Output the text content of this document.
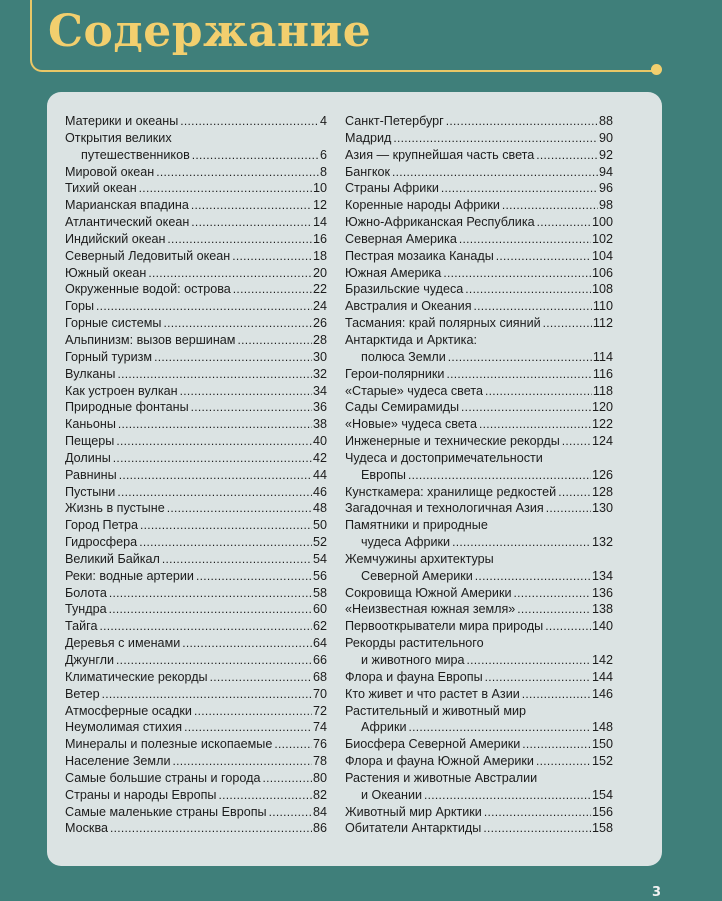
Содержание
Материки и океаны .....	4
Открытия великих
путешественников .....	6
Мировой океан .....	8
Тихий океан .....	10
Марианская впадина .....	12
Атлантический океан .....	14
Индийский океан .....	16
Северный Ледовитый океан .....	18
Южный океан .....	20
Окруженные водой: острова .....	22
Горы .....	24
Горные системы .....	26
Альпинизм: вызов вершинам .....	28
Горный туризм .....	30
Вулканы .....	32
Как устроен вулкан .....	34
Природные фонтаны .....	36
Каньоны .....	38
Пещеры .....	40
Долины .....	42
Равнины .....	44
Пустыни .....	46
Жизнь в пустыне .....	48
Город Петра .....	50
Гидросфера .....	52
Великий Байкал .....	54
Реки: водные артерии .....	56
Болота .....	58
Тундра .....	60
Тайга .....	62
Деревья с именами .....	64
Джунгли .....	66
Климатические рекорды .....	68
Ветер .....	70
Атмосферные осадки .....	72
Неумолимая стихия .....	74
Минералы и полезные ископаемые .....	76
Население Земли .....	78
Самые большие страны и города .....	80
Страны и народы Европы .....	82
Самые маленькие страны Европы .....	84
Москва .....	86
Санкт-Петербург .....	88
Мадрид .....	90
Азия — крупнейшая часть света .....	92
Бангкок .....	94
Страны Африки .....	96
Коренные народы Африки .....	98
Южно-Африканская Республика .....	100
Северная Америка .....	102
Пестрая мозаика Канады .....	104
Южная Америка .....	106
Бразильские чудеса .....	108
Австралия и Океания .....	110
Тасмания: край полярных сияний .....	112
Антарктида и Арктика:
полюса Земли .....	114
Герои-полярники .....	116
«Старые» чудеса света .....	118
Сады Семирамиды .....	120
«Новые» чудеса света .....	122
Инженерные и технические рекорды .....	124
Чудеса и достопримечательности
Европы .....	126
Кунсткамера: хранилище редкостей .....	128
Загадочная и технологичная Азия .....	130
Памятники и природные
чудеса Африки .....	132
Жемчужины архитектуры
Северной Америки .....	134
Сокровища Южной Америки .....	136
«Неизвестная южная земля» .....	138
Первооткрыватели мира природы .....	140
Рекорды растительного
и животного мира .....	142
Флора и фауна Европы .....	144
Кто живет и что растет в Азии .....	146
Растительный и животный мир
Африки .....	148
Биосфера Северной Америки .....	150
Флора и фауна Южной Америки .....	152
Растения и животные Австралии
и Океании .....	154
Животный мир Арктики .....	156
Обитатели Антарктиды .....	158
3
